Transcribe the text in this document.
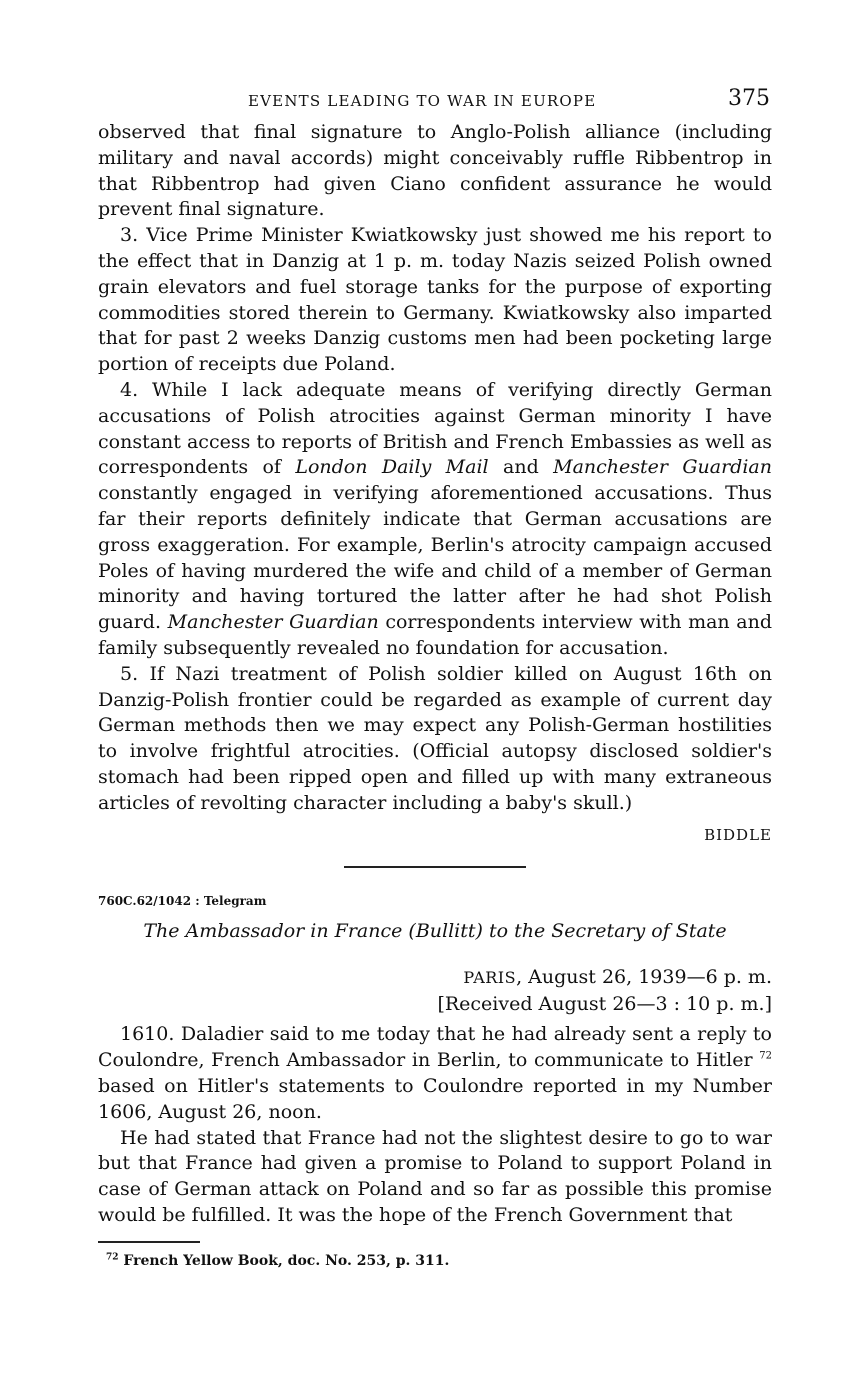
EVENTS LEADING TO WAR IN EUROPE	375

observed that final signature to Anglo-Polish alliance (including military and naval accords) might conceivably ruffle Ribbentrop in that Ribbentrop had given Ciano confident assurance he would prevent final signature.

3. Vice Prime Minister Kwiatkowsky just showed me his report to the effect that in Danzig at 1 p. m. today Nazis seized Polish owned grain elevators and fuel storage tanks for the purpose of exporting commodities stored therein to Germany. Kwiatkowsky also imparted that for past 2 weeks Danzig customs men had been pocketing large portion of receipts due Poland.

4. While I lack adequate means of verifying directly German accusations of Polish atrocities against German minority I have constant access to reports of British and French Embassies as well as correspondents of London Daily Mail and Manchester Guardian constantly engaged in verifying aforementioned accusations. Thus far their reports definitely indicate that German accusations are gross exaggeration. For example, Berlin's atrocity campaign accused Poles of having murdered the wife and child of a member of German minority and having tortured the latter after he had shot Polish guard. Manchester Guardian correspondents interview with man and family subsequently revealed no foundation for accusation.

5. If Nazi treatment of Polish soldier killed on August 16th on Danzig-Polish frontier could be regarded as example of current day German methods then we may expect any Polish-German hostilities to involve frightful atrocities. (Official autopsy disclosed soldier's stomach had been ripped open and filled up with many extraneous articles of revolting character including a baby's skull.)

BIDDLE
760C.62/1042 : Telegram
The Ambassador in France (Bullitt) to the Secretary of State
PARIS, August 26, 1939—6 p. m.
[Received August 26—3 : 10 p. m.]

1610. Daladier said to me today that he had already sent a reply to Coulondre, French Ambassador in Berlin, to communicate to Hitler $^{72}$ based on Hitler's statements to Coulondre reported in my Number 1606, August 26, noon.

He had stated that France had not the slightest desire to go to war but that France had given a promise to Poland to support Poland in case of German attack on Poland and so far as possible this promise would be fulfilled. It was the hope of the French Government that

$^{72}$ French Yellow Book, doc. No. 253, p. 311.
